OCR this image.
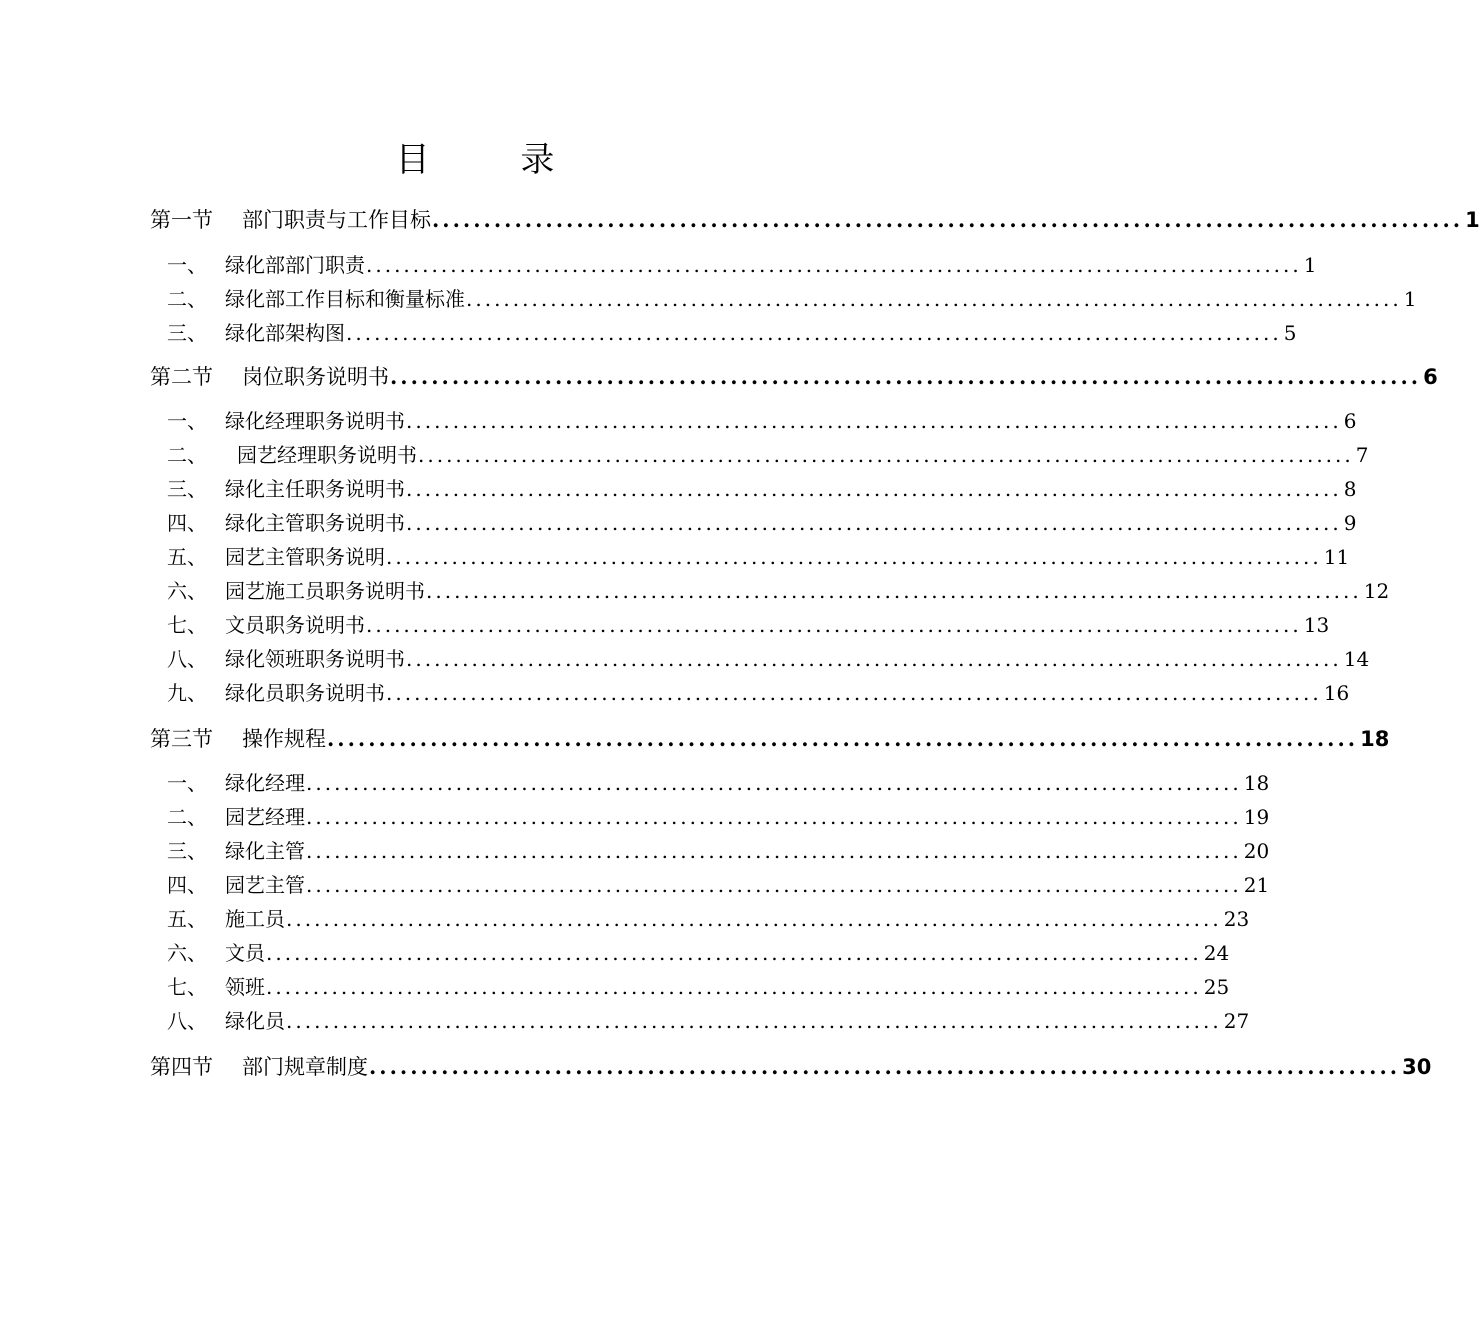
目 录
第一节	部门职责与工作目标 .................................................................................................... 1
一、 绿化部部门职责 .................................................................................................... 1
二、 绿化部工作目标和衡量标准 .................................................................................................... 1
三、 绿化部架构图 .................................................................................................... 5
第二节	岗位职务说明书 .................................................................................................... 6
一、 绿化经理职务说明书 .................................................................................................... 6
二、	园艺经理职务说明书 .................................................................................................... 7
三、 绿化主任职务说明书 .................................................................................................... 8
四、 绿化主管职务说明书 .................................................................................................... 9
五、 园艺主管职务说明 .................................................................................................... 11
六、 园艺施工员职务说明书 .................................................................................................... 12
七、 文员职务说明书 .................................................................................................... 13
八、 绿化领班职务说明书 .................................................................................................... 14
九、 绿化员职务说明书 .................................................................................................... 16
第三节	操作规程 .................................................................................................... 18
一、 绿化经理 .................................................................................................... 18
二、 园艺经理 .................................................................................................... 19
三、 绿化主管 .................................................................................................... 20
四、 园艺主管 .................................................................................................... 21
五、 施工员 .................................................................................................... 23
六、 文员 .................................................................................................... 24
七、 领班 .................................................................................................... 25
八、 绿化员 .................................................................................................... 27
第四节	部门规章制度 .................................................................................................... 30
